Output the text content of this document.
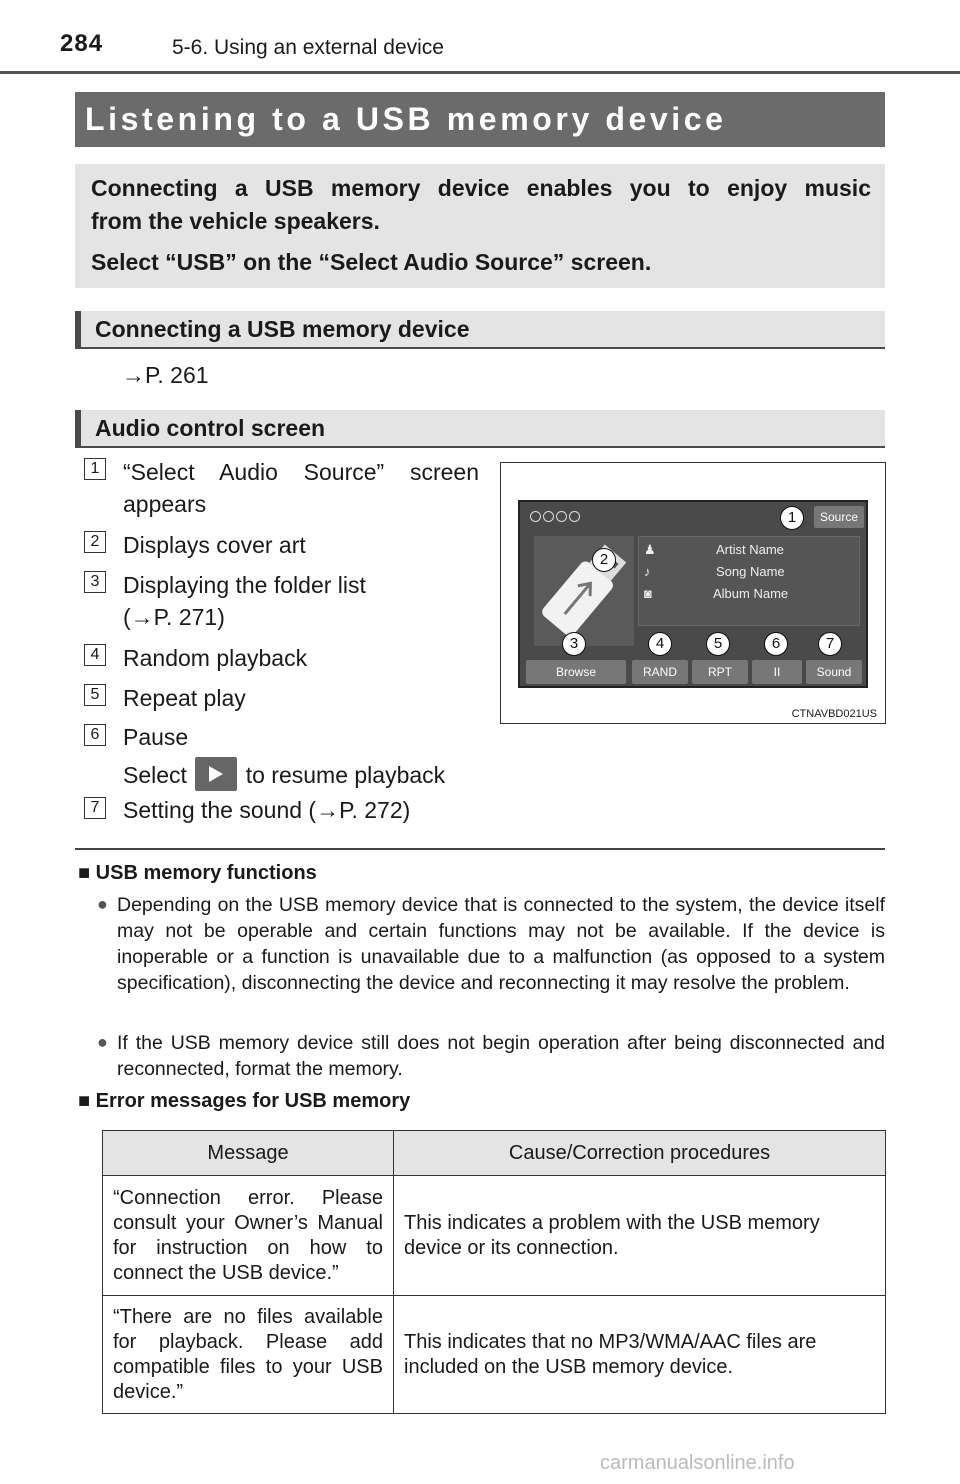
284	5-6. Using an external device
Listening to a USB memory device
Connecting a USB memory device enables you to enjoy music
from the vehicle speakers.
Select “USB” on the “Select Audio Source” screen.
Connecting a USB memory device
→P. 261
Audio control screen
1 “Select Audio Source” screen
appears
2 Displays cover art
3 Displaying the folder list
(→P. 271)
4 Random playback
5 Repeat play
6 Pause
Select	to resume playback
7 Setting the sound (→P. 272)
Source
♟	Artist Name
♪	Song Name
◙	Album Name
Browse	RAND	RPT	II	Sound
1
2
3	4	5	6	7
CTNAVBD021US
■ USB memory functions
● Depending on the USB memory device that is connected to the system, the device itself may not be operable and certain functions may not be available. If the device is inoperable or a function is unavailable due to a malfunction (as opposed to a system specification), disconnecting the device and reconnecting it may resolve the problem.
● If the USB memory device still does not begin operation after being disconnected and reconnected, format the memory.
■ Error messages for USB memory
Message	Cause/Correction procedures
“Connection error. Please consult your Owner’s Manual for instruction on how to connect the USB device.”	This indicates a problem with the USB memory device or its connection.
“There are no files available for playback. Please add compatible files to your USB device.”	This indicates that no MP3/WMA/AAC files are included on the USB memory device.
carmanualsonline.info
